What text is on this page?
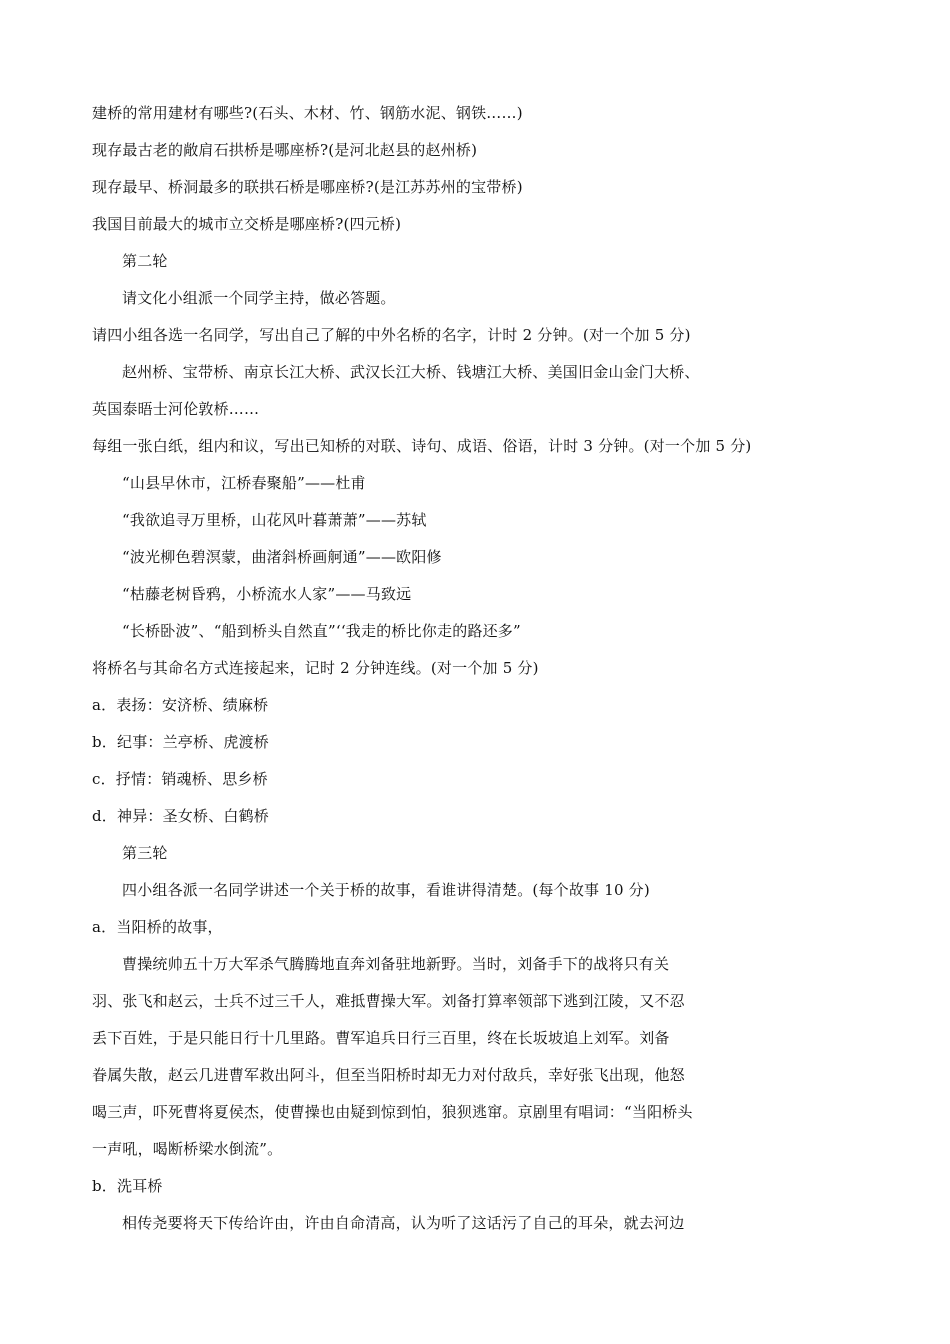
建桥的常用建材有哪些?(石头、木材、竹、钢筋水泥、钢铁……)
现存最古老的敞肩石拱桥是哪座桥?(是河北赵县的赵州桥)
现存最早、桥洞最多的联拱石桥是哪座桥?(是江苏苏州的宝带桥)
我国目前最大的城市立交桥是哪座桥?(四元桥)
第二轮
请文化小组派一个同学主持，做必答题。
请四小组各选一名同学，写出自己了解的中外名桥的名字，计时 2 分钟。(对一个加 5 分)
赵州桥、宝带桥、南京长江大桥、武汉长江大桥、钱塘江大桥、美国旧金山金门大桥、
英国泰晤士河伦敦桥……
每组一张白纸，组内和议，写出已知桥的对联、诗句、成语、俗语，计时 3 分钟。(对一个加 5 分)
“山县早休市，江桥春聚船”——杜甫
“我欲追寻万里桥，山花风叶暮萧萧”——苏轼
“波光柳色碧溟蒙，曲渚斜桥画舸通”——欧阳修
“枯藤老树昏鸦，小桥流水人家”——马致远
“长桥卧波”、“船到桥头自然直”‘‘我走的桥比你走的路还多”
将桥名与其命名方式连接起来，记时 2 分钟连线。(对一个加 5 分)
a．表扬：安济桥、绩麻桥
b．纪事：兰亭桥、虎渡桥
c．抒情：销魂桥、思乡桥
d．神异：圣女桥、白鹤桥
第三轮
四小组各派一名同学讲述一个关于桥的故事，看谁讲得清楚。(每个故事 10 分)
a．当阳桥的故事，
曹操统帅五十万大军杀气腾腾地直奔刘备驻地新野。当时，刘备手下的战将只有关
羽、张飞和赵云，士兵不过三千人，难抵曹操大军。刘备打算率领部下逃到江陵，又不忍
丢下百姓，于是只能日行十几里路。曹军追兵日行三百里，终在长坂坡追上刘军。刘备
眷属失散，赵云几进曹军救出阿斗，但至当阳桥时却无力对付敌兵，幸好张飞出现，他怒
喝三声，吓死曹将夏侯杰，使曹操也由疑到惊到怕，狼狈逃窜。京剧里有唱词：“当阳桥头
一声吼，喝断桥梁水倒流”。
b．洗耳桥
相传尧要将天下传给许由，许由自命清高，认为听了这话污了自己的耳朵，就去河边
